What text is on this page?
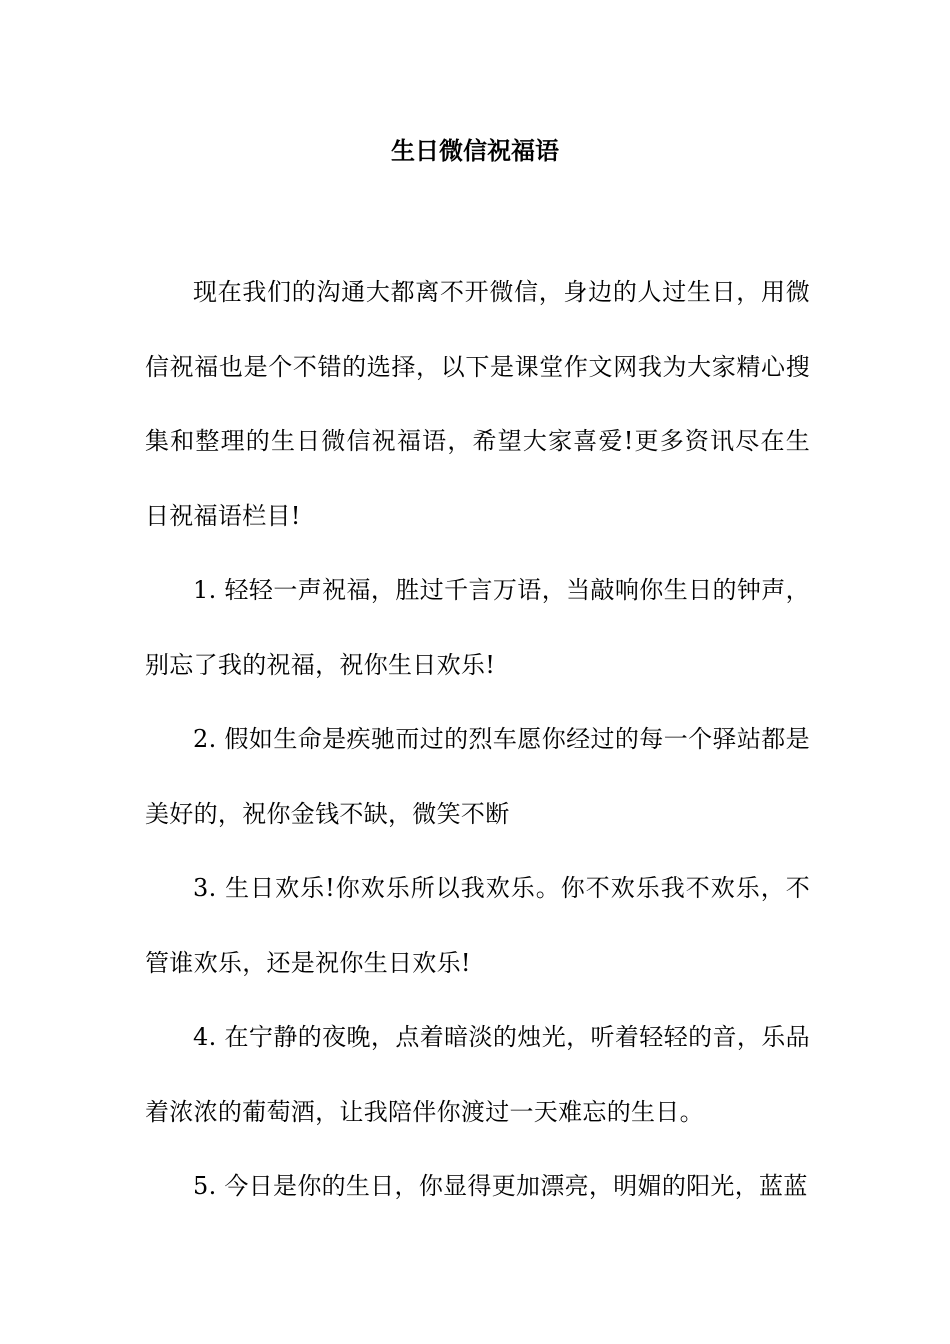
生日微信祝福语

现在我们的沟通大都离不开微信，身边的人过生日，用微信祝福也是个不错的选择，以下是课堂作文网我为大家精心搜集和整理的生日微信祝福语，希望大家喜爱!更多资讯尽在生日祝福语栏目!

1. 轻轻一声祝福，胜过千言万语，当敲响你生日的钟声，别忘了我的祝福，祝你生日欢乐!

2. 假如生命是疾驰而过的烈车愿你经过的每一个驿站都是美好的，祝你金钱不缺，微笑不断

3. 生日欢乐!你欢乐所以我欢乐。你不欢乐我不欢乐，不管谁欢乐，还是祝你生日欢乐!

4. 在宁静的夜晚，点着暗淡的烛光，听着轻轻的音，乐品着浓浓的葡萄酒，让我陪伴你渡过一天难忘的生日。

5. 今日是你的生日，你显得更加漂亮，明媚的阳光，蓝蓝
